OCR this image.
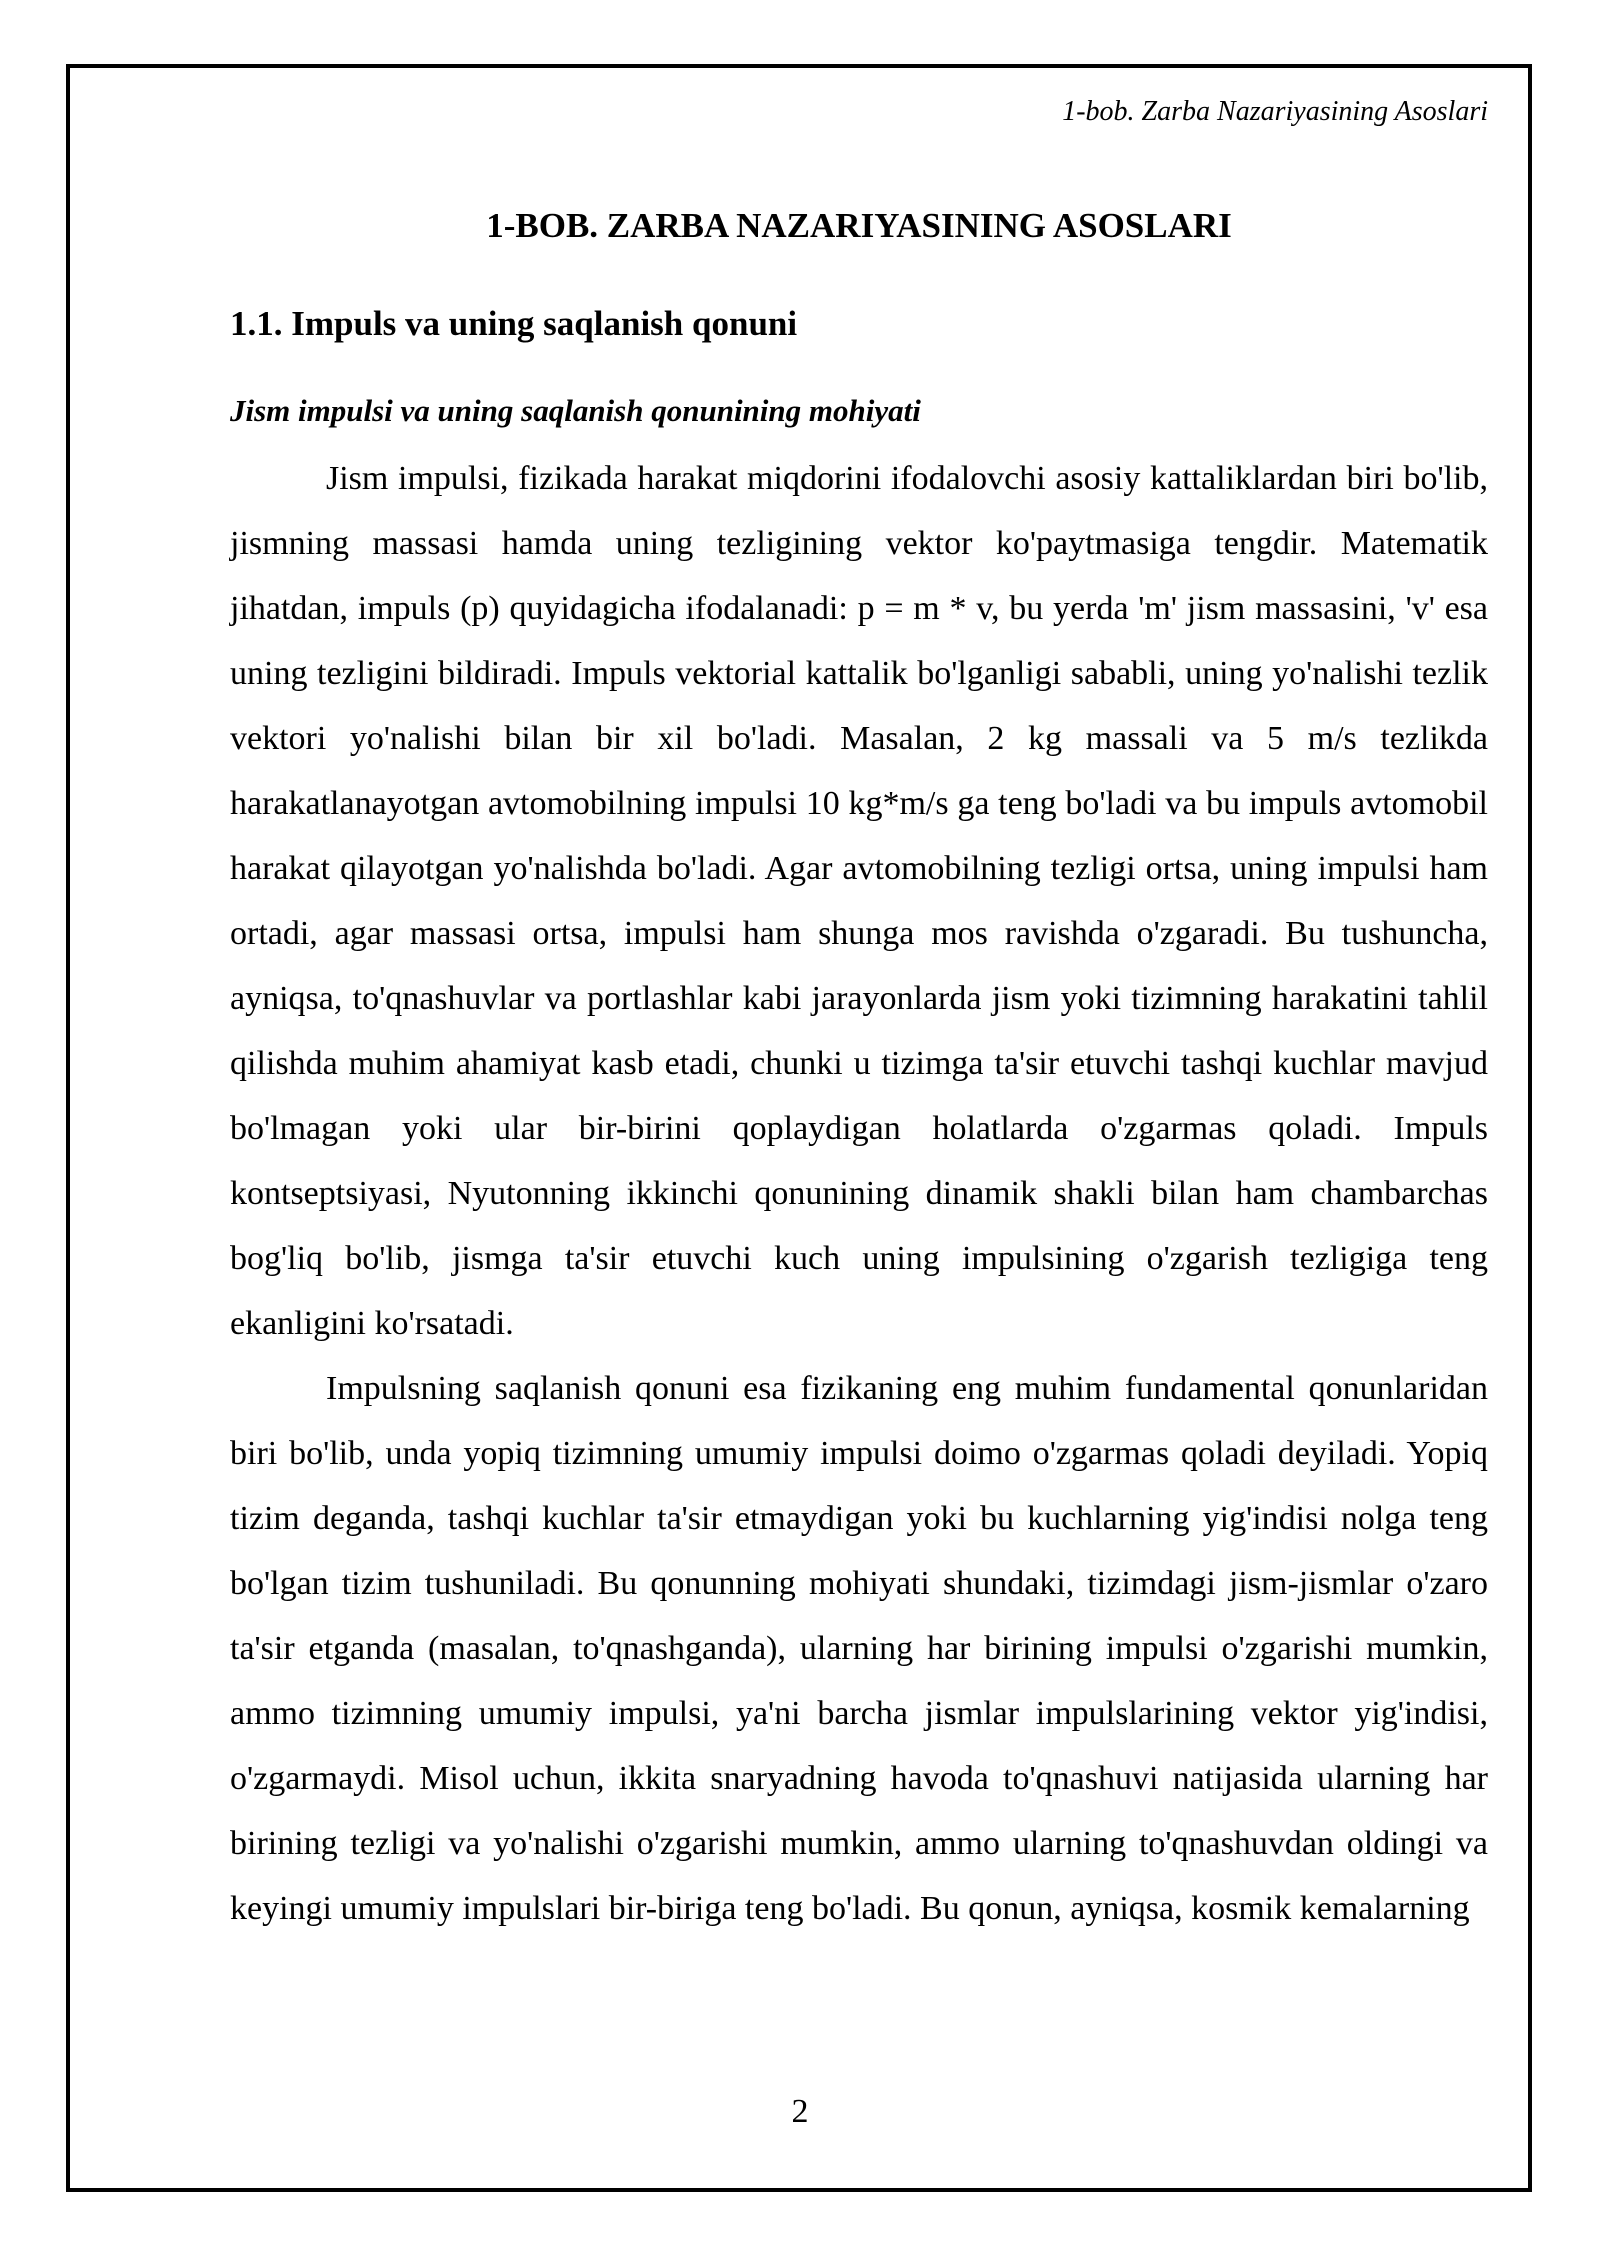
1-bob. Zarba Nazariyasining Asoslari

1-BOB. ZARBA NAZARIYASINING ASOSLARI
1.1. Impuls va uning saqlanish qonuni
Jism impulsi va uning saqlanish qonunining mohiyati

Jism impulsi, fizikada harakat miqdorini ifodalovchi asosiy kattaliklardan biri bo'lib, jismning massasi hamda uning tezligining vektor ko'paytmasiga tengdir. Matematik jihatdan, impuls (p) quyidagicha ifodalanadi: p = m * v, bu yerda 'm' jism massasini, 'v' esa uning tezligini bildiradi. Impuls vektorial kattalik bo'lganligi sababli, uning yo'nalishi tezlik vektori yo'nalishi bilan bir xil bo'ladi. Masalan, 2 kg massali va 5 m/s tezlikda harakatlanayotgan avtomobilning impulsi 10 kg*m/s ga teng bo'ladi va bu impuls avtomobil harakat qilayotgan yo'nalishda bo'ladi. Agar avtomobilning tezligi ortsa, uning impulsi ham ortadi, agar massasi ortsa, impulsi ham shunga mos ravishda o'zgaradi. Bu tushuncha, ayniqsa, to'qnashuvlar va portlashlar kabi jarayonlarda jism yoki tizimning harakatini tahlil qilishda muhim ahamiyat kasb etadi, chunki u tizimga ta'sir etuvchi tashqi kuchlar mavjud bo'lmagan yoki ular bir-birini qoplaydigan holatlarda o'zgarmas qoladi. Impuls kontseptsiyasi, Nyutonning ikkinchi qonunining dinamik shakli bilan ham chambarchas bog'liq bo'lib, jismga ta'sir etuvchi kuch uning impulsining o'zgarish tezligiga teng ekanligini ko'rsatadi.

Impulsning saqlanish qonuni esa fizikaning eng muhim fundamental qonunlaridan biri bo'lib, unda yopiq tizimning umumiy impulsi doimo o'zgarmas qoladi deyiladi. Yopiq tizim deganda, tashqi kuchlar ta'sir etmaydigan yoki bu kuchlarning yig'indisi nolga teng bo'lgan tizim tushuniladi. Bu qonunning mohiyati shundaki, tizimdagi jism-jismlar o'zaro ta'sir etganda (masalan, to'qnashganda), ularning har birining impulsi o'zgarishi mumkin, ammo tizimning umumiy impulsi, ya'ni barcha jismlar impulslarining vektor yig'indisi, o'zgarmaydi. Misol uchun, ikkita snaryadning havoda to'qnashuvi natijasida ularning har birining tezligi va yo'nalishi o'zgarishi mumkin, ammo ularning to'qnashuvdan oldingi va keyingi umumiy impulslari bir-biriga teng bo'ladi. Bu qonun, ayniqsa, kosmik kemalarning

2
